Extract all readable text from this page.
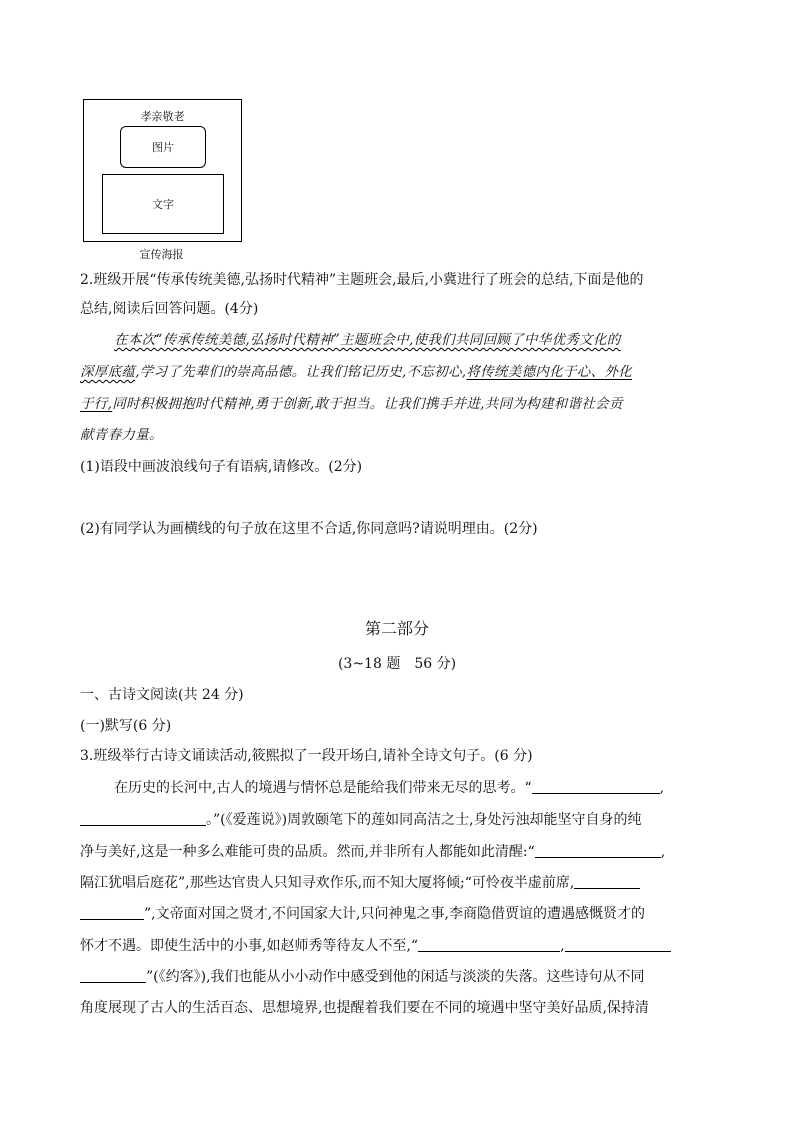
孝亲敬老
图片
文字
宣传海报
2.班级开展“传承传统美德,弘扬时代精神”主题班会,最后,小冀进行了班会的总结,下面是他的
总结,阅读后回答问题。(4分)
在本次“传承传统美德,弘扬时代精神”主题班会中,使我们共同回顾了中华优秀文化的
深厚底蕴,学习了先辈们的崇高品德。让我们铭记历史,不忘初心,将传统美德内化于心、外化
于行,同时积极拥抱时代精神,勇于创新,敢于担当。让我们携手并进,共同为构建和谐社会贡
献青春力量。
(1)语段中画波浪线句子有语病,请修改。(2分)
(2)有同学认为画横线的句子放在这里不合适,你同意吗?请说明理由。(2分)
第二部分
(3~18 题　56 分)
一、古诗文阅读(共 24 分)
(一)默写(6 分)
3.班级举行古诗文诵读活动,筱熙拟了一段开场白,请补全诗文句子。(6 分)
在历史的长河中,古人的境遇与情怀总是能给我们带来无尽的思考。“	,
。”(《爱莲说》)周敦颐笔下的莲如同高洁之士,身处污浊却能坚守自身的纯
净与美好,这是一种多么难能可贵的品质。然而,并非所有人都能如此清醒:“	,
隔江犹唱后庭花”,那些达官贵人只知寻欢作乐,而不知大厦将倾;“可怜夜半虚前席,
”,文帝面对国之贤才,不问国家大计,只问神鬼之事,李商隐借贾谊的遭遇感慨贤才的
怀才不遇。即使生活中的小事,如赵师秀等待友人不至,“	,
”(《约客》),我们也能从小小动作中感受到他的闲适与淡淡的失落。这些诗句从不同
角度展现了古人的生活百态、思想境界,也提醒着我们要在不同的境遇中坚守美好品质,保持清
